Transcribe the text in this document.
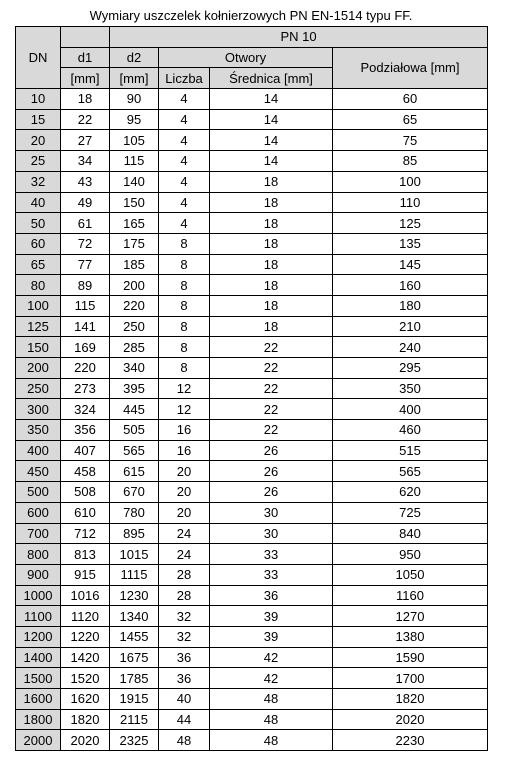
Wymiary uszczelek kołnierzowych PN EN-1514 typu FF.
DN		PN 10			
	d1	d2	Otwory		Podziałowa [mm]
	[mm]	[mm]	Liczba	Średnica [mm]	
10	18	90	4	14	60
15	22	95	4	14	65
20	27	105	4	14	75
25	34	115	4	14	85
32	43	140	4	18	100
40	49	150	4	18	110
50	61	165	4	18	125
60	72	175	8	18	135
65	77	185	8	18	145
80	89	200	8	18	160
100	115	220	8	18	180
125	141	250	8	18	210
150	169	285	8	22	240
200	220	340	8	22	295
250	273	395	12	22	350
300	324	445	12	22	400
350	356	505	16	22	460
400	407	565	16	26	515
450	458	615	20	26	565
500	508	670	20	26	620
600	610	780	20	30	725
700	712	895	24	30	840
800	813	1015	24	33	950
900	915	1115	28	33	1050
1000	1016	1230	28	36	1160
1100	1120	1340	32	39	1270
1200	1220	1455	32	39	1380
1400	1420	1675	36	42	1590
1500	1520	1785	36	42	1700
1600	1620	1915	40	48	1820
1800	1820	2115	44	48	2020
2000	2020	2325	48	48	2230
